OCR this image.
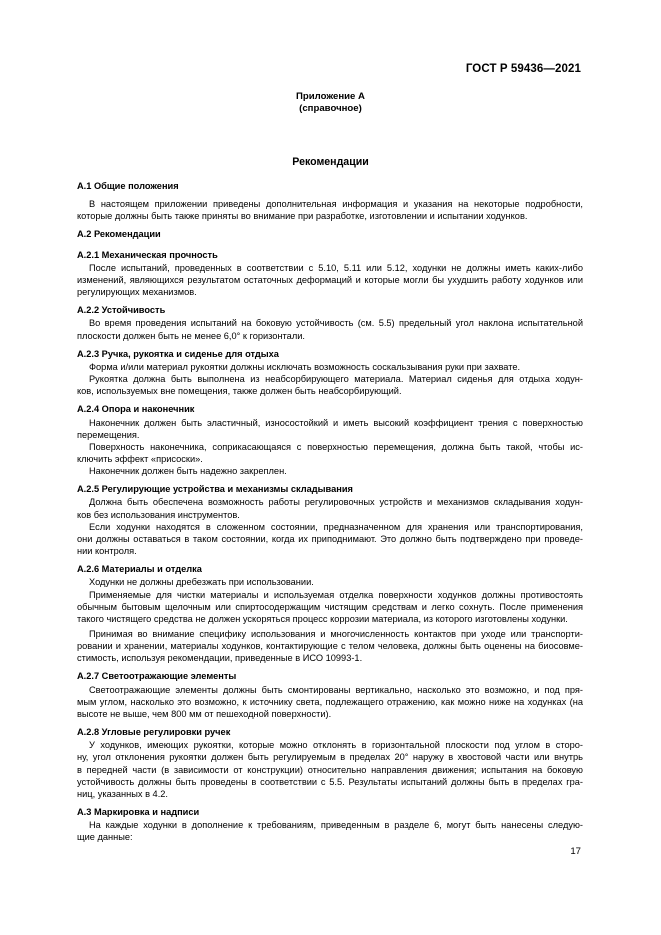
ГОСТ Р 59436—2021
Приложение А
(справочное)
Рекомендации
А.1 Общие положения
В настоящем приложении приведены дополнительная информация и указания на некоторые подробности,
которые должны быть также приняты во внимание при разработке, изготовлении и испытании ходунков.
А.2 Рекомендации
А.2.1 Механическая прочность
После испытаний, проведенных в соответствии с 5.10, 5.11 или 5.12, ходунки не должны иметь каких-либо
изменений, являющихся результатом остаточных деформаций и которые могли бы ухудшить работу ходунков или
регулирующих механизмов.
А.2.2 Устойчивость
Во время проведения испытаний на боковую устойчивость (см. 5.5) предельный угол наклона испытательной
плоскости должен быть не менее 6,0° к горизонтали.
А.2.3 Ручка, рукоятка и сиденье для отдыха
Форма и/или материал рукоятки должны исключать возможность соскальзывания руки при захвате.
Рукоятка должна быть выполнена из неабсорбирующего материала. Материал сиденья для отдыха ходун-
ков, используемых вне помещения, также должен быть неабсорбирующий.
А.2.4 Опора и наконечник
Наконечник должен быть эластичный, износостойкий и иметь высокий коэффициент трения с поверхностью
перемещения.
Поверхность наконечника, соприкасающаяся с поверхностью перемещения, должна быть такой, чтобы ис-
ключить эффект «присоски».
Наконечник должен быть надежно закреплен.
А.2.5 Регулирующие устройства и механизмы складывания
Должна быть обеспечена возможность работы регулировочных устройств и механизмов складывания ходун-
ков без использования инструментов.
Если ходунки находятся в сложенном состоянии, предназначенном для хранения или транспортирования,
они должны оставаться в таком состоянии, когда их приподнимают. Это должно быть подтверждено при проведе-
нии контроля.
А.2.6 Материалы и отделка
Ходунки не должны дребезжать при использовании.
Применяемые для чистки материалы и используемая отделка поверхности ходунков должны противостоять
обычным бытовым щелочным или спиртосодержащим чистящим средствам и легко сохнуть. После применения
такого чистящего средства не должен ускоряться процесс коррозии материала, из которого изготовлены ходунки.
Принимая во внимание специфику использования и многочисленность контактов при уходе или транспорти-
ровании и хранении, материалы ходунков, контактирующие с телом человека, должны быть оценены на биосовме-
стимость, используя рекомендации, приведенные в ИСО 10993-1.
А.2.7 Светоотражающие элементы
Светоотражающие элементы должны быть смонтированы вертикально, насколько это возможно, и под пря-
мым углом, насколько это возможно, к источнику света, подлежащего отражению, как можно ниже на ходунках (на
высоте не выше, чем 800 мм от пешеходной поверхности).
А.2.8 Угловые регулировки ручек
У ходунков, имеющих рукоятки, которые можно отклонять в горизонтальной плоскости под углом в сторо-
ну, угол отклонения рукоятки должен быть регулируемым в пределах 20° наружу в хвостовой части или внутрь
в передней части (в зависимости от конструкции) относительно направления движения; испытания на боковую
устойчивость должны быть проведены в соответствии с 5.5. Результаты испытаний должны быть в пределах гра-
ниц, указанных в 4.2.
А.3 Маркировка и надписи
На каждые ходунки в дополнение к требованиям, приведенным в разделе 6, могут быть нанесены следую-
щие данные:
17
